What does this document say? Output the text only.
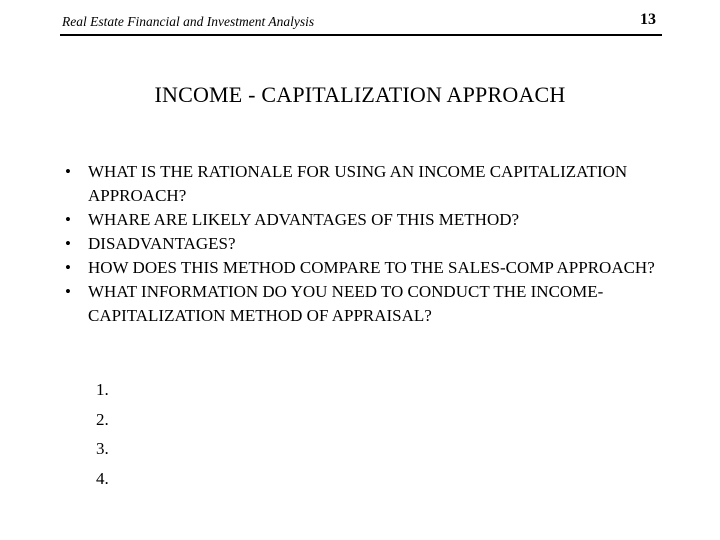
Real Estate Financial and Investment Analysis	13
INCOME - CAPITALIZATION APPROACH
•	WHAT IS THE RATIONALE FOR USING AN INCOME CAPITALIZATION APPROACH?
•	WHARE ARE LIKELY ADVANTAGES OF THIS METHOD?
•	DISADVANTAGES?
•	HOW DOES THIS METHOD COMPARE TO THE SALES-COMP APPROACH?
•	WHAT INFORMATION DO YOU NEED TO CONDUCT THE INCOME-CAPITALIZATION METHOD OF APPRAISAL?
1.
2.
3.
4.
